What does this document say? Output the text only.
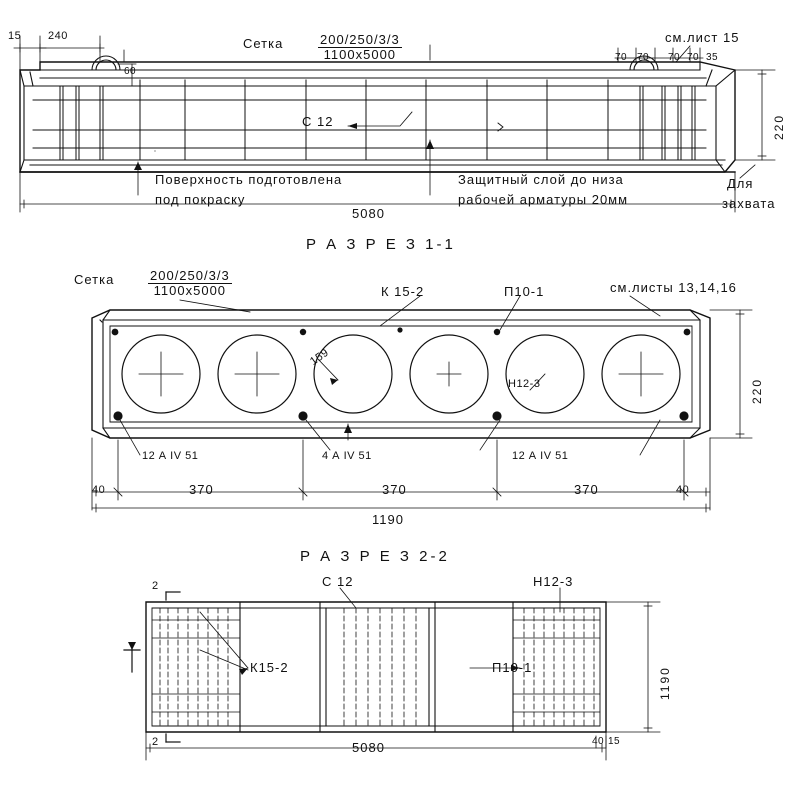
15 240	Сетка	200/250/3/3
1100х5000
см.лист 15
70 70 70 70 35
60
С 12	220
Поверхность подготовлена
под покраску
Защитный слой до низа
рабочей арматуры 20мм
Для
захвата
5080
Р А З Р Е З 1-1
Сетка	200/250/3/3
1100х5000	К 15-2	П10-1	см.листы 13,14,16
159
Н12-3	220
12 А IV 51	4 А IV 51	12 А IV 51
40	370	370	370	40
1190
Р А З Р Е З 2-2
2	С 12	Н12-3
К15-2	П10-1	1190
5080
2	40 15
